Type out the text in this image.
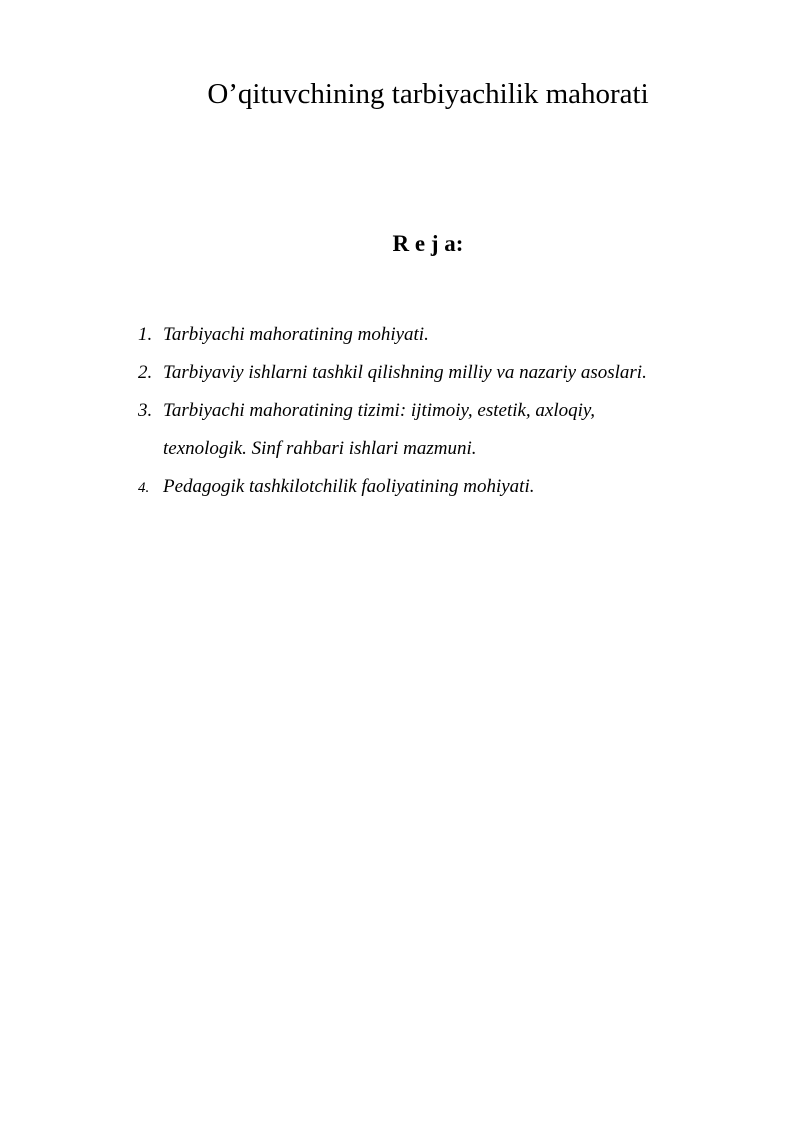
O’qituvchining tarbiyachilik mahorati
R e j a:
1. Tarbiyachi mahoratining mohiyati.
2. Tarbiyaviy ishlarni tashkil qilishning milliy va nazariy asoslari.
3. Tarbiyachi mahoratining tizimi: ijtimoiy, estetik, axloqiy,
texnologik. Sinf rahbari ishlari mazmuni.
4. Pedagogik tashkilotchilik faoliyatining mohiyati.
